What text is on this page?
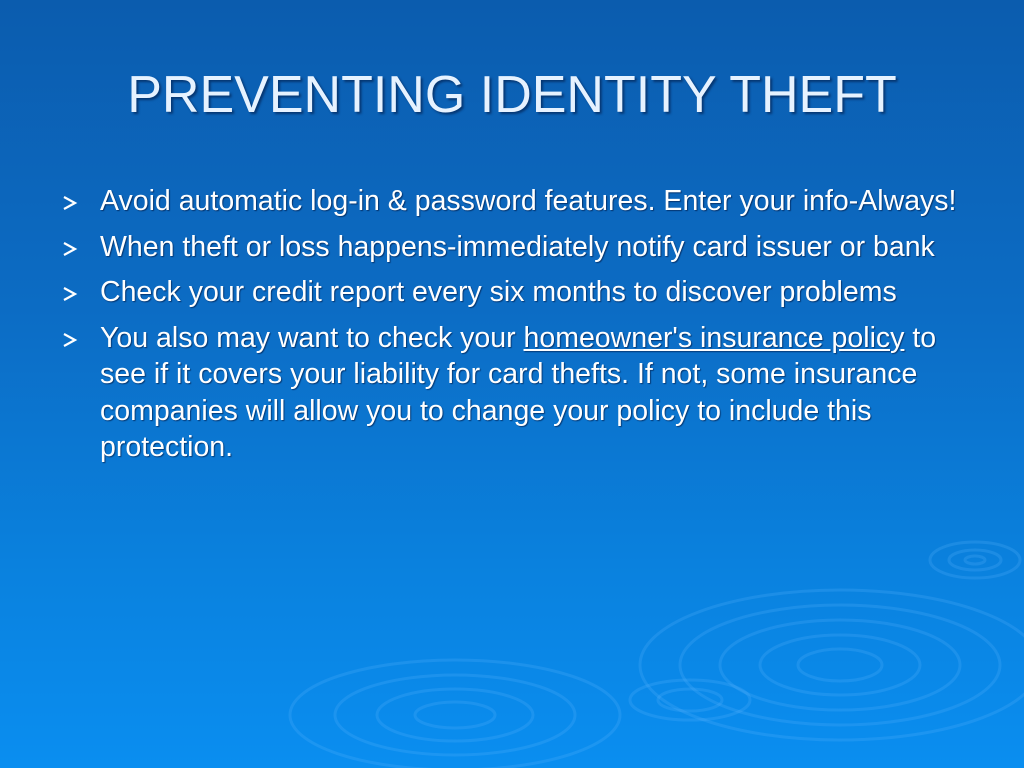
PREVENTING IDENTITY THEFT
Avoid automatic log-in & password features. Enter your info-Always!
When theft or loss happens-immediately notify card issuer or bank
Check your credit report every six months to discover problems
You also may want to check your homeowner's insurance policy to see if it covers your liability for card thefts. If not, some insurance companies will allow you to change your policy to include this protection.
